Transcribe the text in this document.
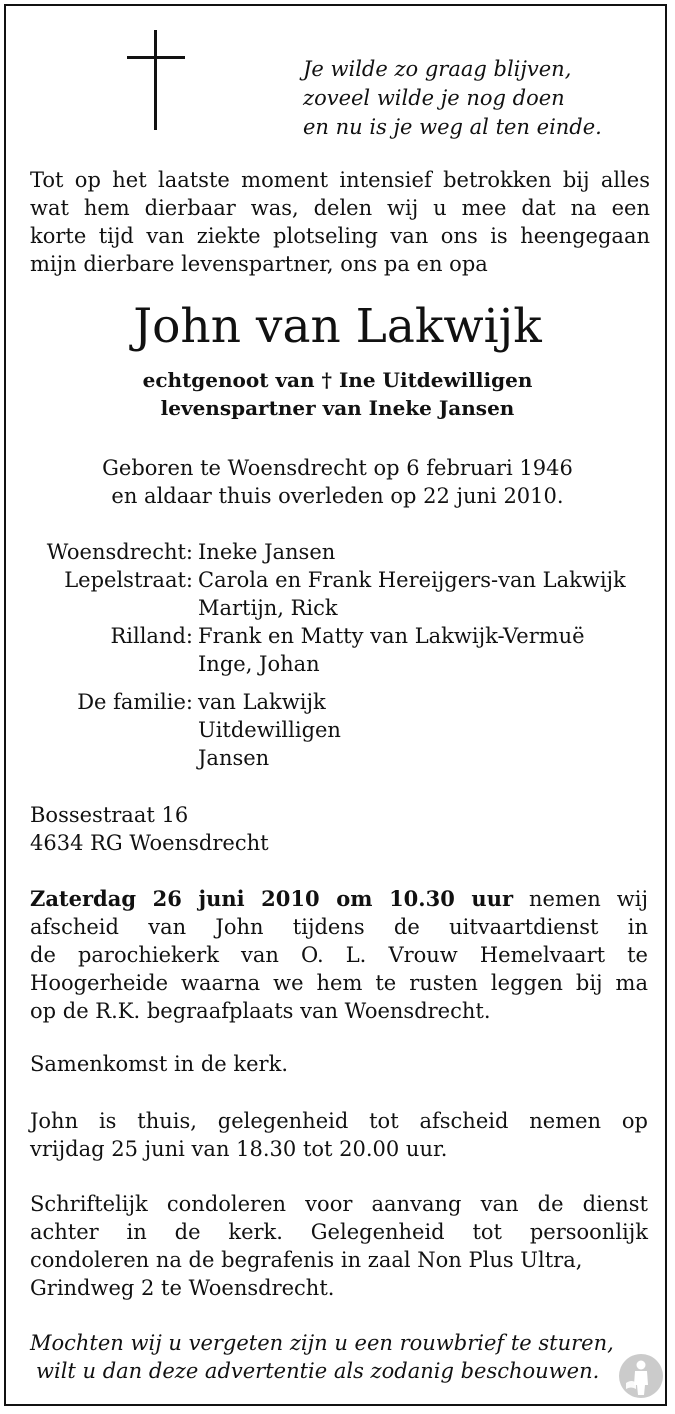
Je wilde zo graag blijven,
zoveel wilde je nog doen
en nu is je weg al ten einde.
Tot op het laatste moment intensief betrokken bij alles
wat hem dierbaar was, delen wij u mee dat na een
korte tijd van ziekte plotseling van ons is heengegaan
mijn dierbare levenspartner, ons pa en opa
John van Lakwijk
echtgenoot van † Ine Uitdewilligen
levenspartner van Ineke Jansen
Geboren te Woensdrecht op 6 februari 1946
en aldaar thuis overleden op 22 juni 2010.
Woensdrecht: Ineke Jansen
Lepelstraat: Carola en Frank Hereijgers-van Lakwijk
Martijn, Rick
Rilland: Frank en Matty van Lakwijk-Vermuë
Inge, Johan
De familie: van Lakwijk
Uitdewilligen
Jansen
Bossestraat 16
4634 RG Woensdrecht
Zaterdag 26 juni 2010 om 10.30 uur nemen wij
afscheid van John tijdens de uitvaartdienst in
de parochiekerk van O. L. Vrouw Hemelvaart te
Hoogerheide waarna we hem te rusten leggen bij ma
op de R.K. begraafplaats van Woensdrecht.
Samenkomst in de kerk.
John is thuis, gelegenheid tot afscheid nemen op
vrijdag 25 juni van 18.30 tot 20.00 uur.
Schriftelijk condoleren voor aanvang van de dienst
achter in de kerk. Gelegenheid tot persoonlijk
condoleren na de begrafenis in zaal Non Plus Ultra,
Grindweg 2 te Woensdrecht.
Mochten wij u vergeten zijn u een rouwbrief te sturen,
wilt u dan deze advertentie als zodanig beschouwen.
